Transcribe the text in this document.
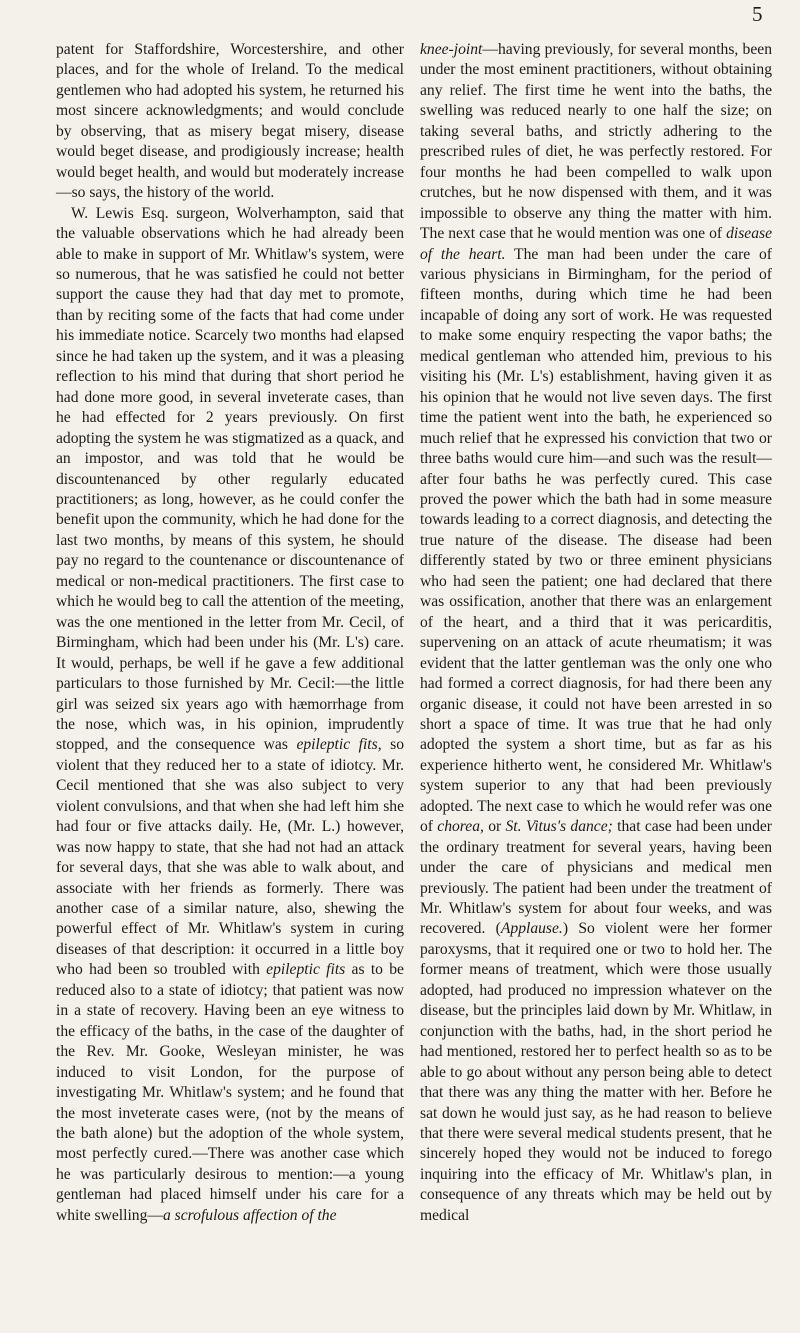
5

patent for Staffordshire, Worcestershire, and other places, and for the whole of Ireland. To the medical gentlemen who had adopted his system, he returned his most sincere acknowledgments; and would conclude by observing, that as misery begat misery, disease would beget disease, and prodigiously increase; health would beget health, and would but moderately increase—so says, the history of the world.

W. Lewis Esq. surgeon, Wolverhampton, said that the valuable observations which he had already been able to make in support of Mr. Whitlaw's system, were so numerous, that he was satisfied he could not better support the cause they had that day met to promote, than by reciting some of the facts that had come under his immediate notice. Scarcely two months had elapsed since he had taken up the system, and it was a pleasing reflection to his mind that during that short period he had done more good, in several inveterate cases, than he had effected for 2 years previously. On first adopting the system he was stigmatized as a quack, and an impostor, and was told that he would be discountenanced by other regularly educated practitioners; as long, however, as he could confer the benefit upon the community, which he had done for the last two months, by means of this system, he should pay no regard to the countenance or discountenance of medical or non-medical practitioners. The first case to which he would beg to call the attention of the meeting, was the one mentioned in the letter from Mr. Cecil, of Birmingham, which had been under his (Mr. L's) care. It would, perhaps, be well if he gave a few additional particulars to those furnished by Mr. Cecil:—the little girl was seized six years ago with hæmorrhage from the nose, which was, in his opinion, imprudently stopped, and the consequence was epileptic fits, so violent that they reduced her to a state of idiotcy. Mr. Cecil mentioned that she was also subject to very violent convulsions, and that when she had left him she had four or five attacks daily. He, (Mr. L.) however, was now happy to state, that she had not had an attack for several days, that she was able to walk about, and associate with her friends as formerly. There was another case of a similar nature, also, shewing the powerful effect of Mr. Whitlaw's system in curing diseases of that description: it occurred in a little boy who had been so troubled with epileptic fits as to be reduced also to a state of idiotcy; that patient was now in a state of recovery. Having been an eye witness to the efficacy of the baths, in the case of the daughter of the Rev. Mr. Gooke, Wesleyan minister, he was induced to visit London, for the purpose of investigating Mr. Whitlaw's system; and he found that the most inveterate cases were, (not by the means of the bath alone) but the adoption of the whole system, most perfectly cured.—There was another case which he was particularly desirous to mention:—a young gentleman had placed himself under his care for a white swelling—a scrofulous affection of the

knee-joint—having previously, for several months, been under the most eminent practitioners, without obtaining any relief. The first time he went into the baths, the swelling was reduced nearly to one half the size; on taking several baths, and strictly adhering to the prescribed rules of diet, he was perfectly restored. For four months he had been compelled to walk upon crutches, but he now dispensed with them, and it was impossible to observe any thing the matter with him. The next case that he would mention was one of disease of the heart. The man had been under the care of various physicians in Birmingham, for the period of fifteen months, during which time he had been incapable of doing any sort of work. He was requested to make some enquiry respecting the vapor baths; the medical gentleman who attended him, previous to his visiting his (Mr. L's) establishment, having given it as his opinion that he would not live seven days. The first time the patient went into the bath, he experienced so much relief that he expressed his conviction that two or three baths would cure him—and such was the result—after four baths he was perfectly cured. This case proved the power which the bath had in some measure towards leading to a correct diagnosis, and detecting the true nature of the disease. The disease had been differently stated by two or three eminent physicians who had seen the patient; one had declared that there was ossification, another that there was an enlargement of the heart, and a third that it was pericarditis, supervening on an attack of acute rheumatism; it was evident that the latter gentleman was the only one who had formed a correct diagnosis, for had there been any organic disease, it could not have been arrested in so short a space of time. It was true that he had only adopted the system a short time, but as far as his experience hitherto went, he considered Mr. Whitlaw's system superior to any that had been previously adopted. The next case to which he would refer was one of chorea, or St. Vitus's dance; that case had been under the ordinary treatment for several years, having been under the care of physicians and medical men previously. The patient had been under the treatment of Mr. Whitlaw's system for about four weeks, and was recovered. (Applause.) So violent were her former paroxysms, that it required one or two to hold her. The former means of treatment, which were those usually adopted, had produced no impression whatever on the disease, but the principles laid down by Mr. Whitlaw, in conjunction with the baths, had, in the short period he had mentioned, restored her to perfect health so as to be able to go about without any person being able to detect that there was any thing the matter with her. Before he sat down he would just say, as he had reason to believe that there were several medical students present, that he sincerely hoped they would not be induced to forego inquiring into the efficacy of Mr. Whitlaw's plan, in consequence of any threats which may be held out by medical
